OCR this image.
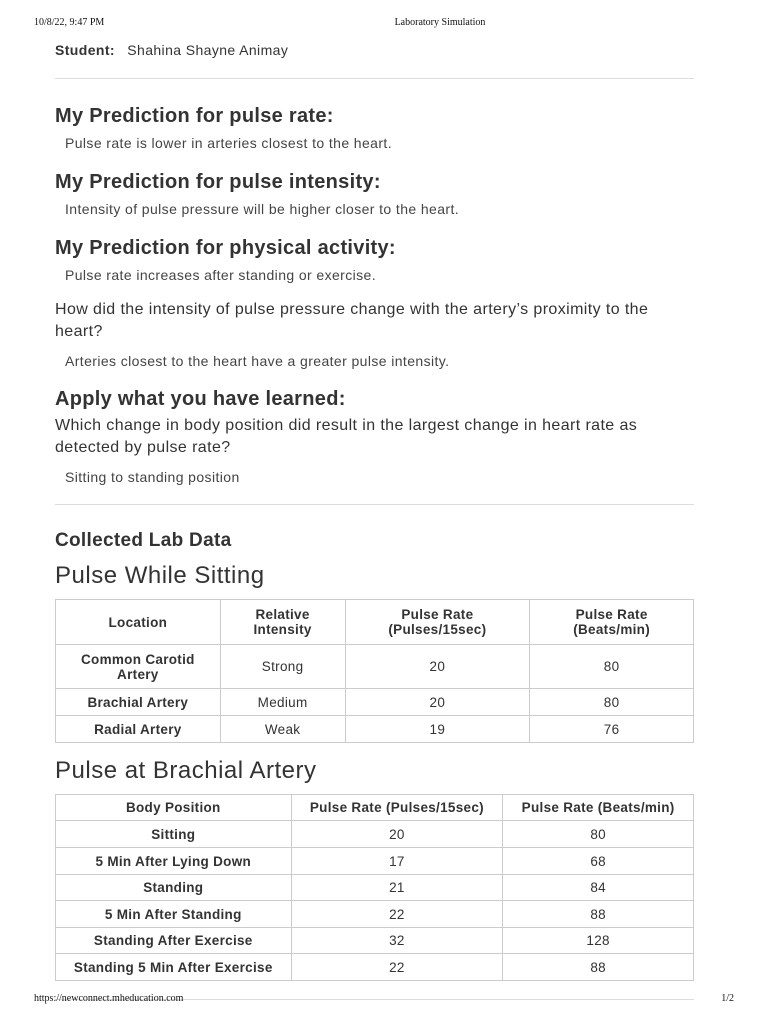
10/8/22, 9:47 PM	Laboratory Simulation
Student: Shahina Shayne Animay
My Prediction for pulse rate:
Pulse rate is lower in arteries closest to the heart.
My Prediction for pulse intensity:
Intensity of pulse pressure will be higher closer to the heart.
My Prediction for physical activity:
Pulse rate increases after standing or exercise.
How did the intensity of pulse pressure change with the artery’s proximity to the heart?
Arteries closest to the heart have a greater pulse intensity.
Apply what you have learned:
Which change in body position did result in the largest change in heart rate as detected by pulse rate?
Sitting to standing position
Collected Lab Data
Pulse While Sitting
Location	Relative Intensity	Pulse Rate (Pulses/15sec)	Pulse Rate (Beats/min)
Common Carotid Artery	Strong	20	80
Brachial Artery	Medium	20	80
Radial Artery	Weak	19	76
Pulse at Brachial Artery
Body Position	Pulse Rate (Pulses/15sec)	Pulse Rate (Beats/min)
Sitting	20	80
5 Min After Lying Down	17	68
Standing	21	84
5 Min After Standing	22	88
Standing After Exercise	32	128
Standing 5 Min After Exercise	22	88
https://newconnect.mheducation.com	1/2
